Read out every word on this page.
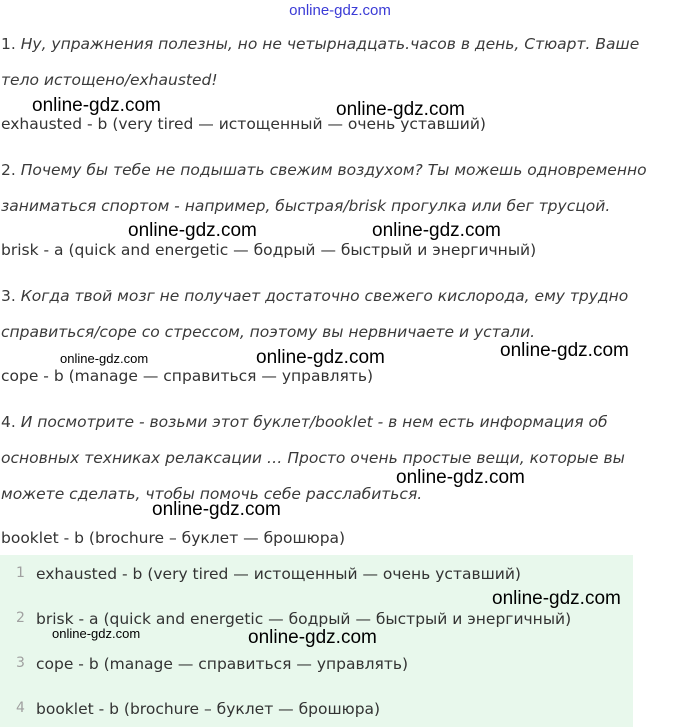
online-gdz.com
1. Ну, упражнения полезны, но не четырнадцать.часов в день, Стюарт. Ваше тело истощено/exhausted!
online-gdz.com	online-gdz.com
exhausted - b (very tired — истощенный — очень уставший)
2. Почему бы тебе не подышать свежим воздухом? Ты можешь одновременно заниматься спортом - например, быстрая/brisk прогулка или бег трусцой.
online-gdz.com	online-gdz.com
brisk - a (quick and energetic — бодрый — быстрый и энергичный)
3. Когда твой мозг не получает достаточно свежего кислорода, ему трудно справиться/cope со стрессом, поэтому вы нервничаете и устали.
online-gdz.com	online-gdz.com	online-gdz.com
cope - b (manage — справиться — управлять)
4. И посмотрите - возьми этот буклет/booklet - в нем есть информация об основных техниках релаксации … Просто очень простые вещи, которые вы можете сделать, чтобы помочь себе расслабиться.
online-gdz.com
online-gdz.com
booklet - b (brochure – буклет — брошюра)
1 exhausted - b (very tired — истощенный — очень уставший)
2 brisk - a (quick and energetic — бодрый — быстрый и энергичный)
3 cope - b (manage — справиться — управлять)
4 booklet - b (brochure – буклет — брошюра)
online-gdz.com
online-gdz.com	online-gdz.com
